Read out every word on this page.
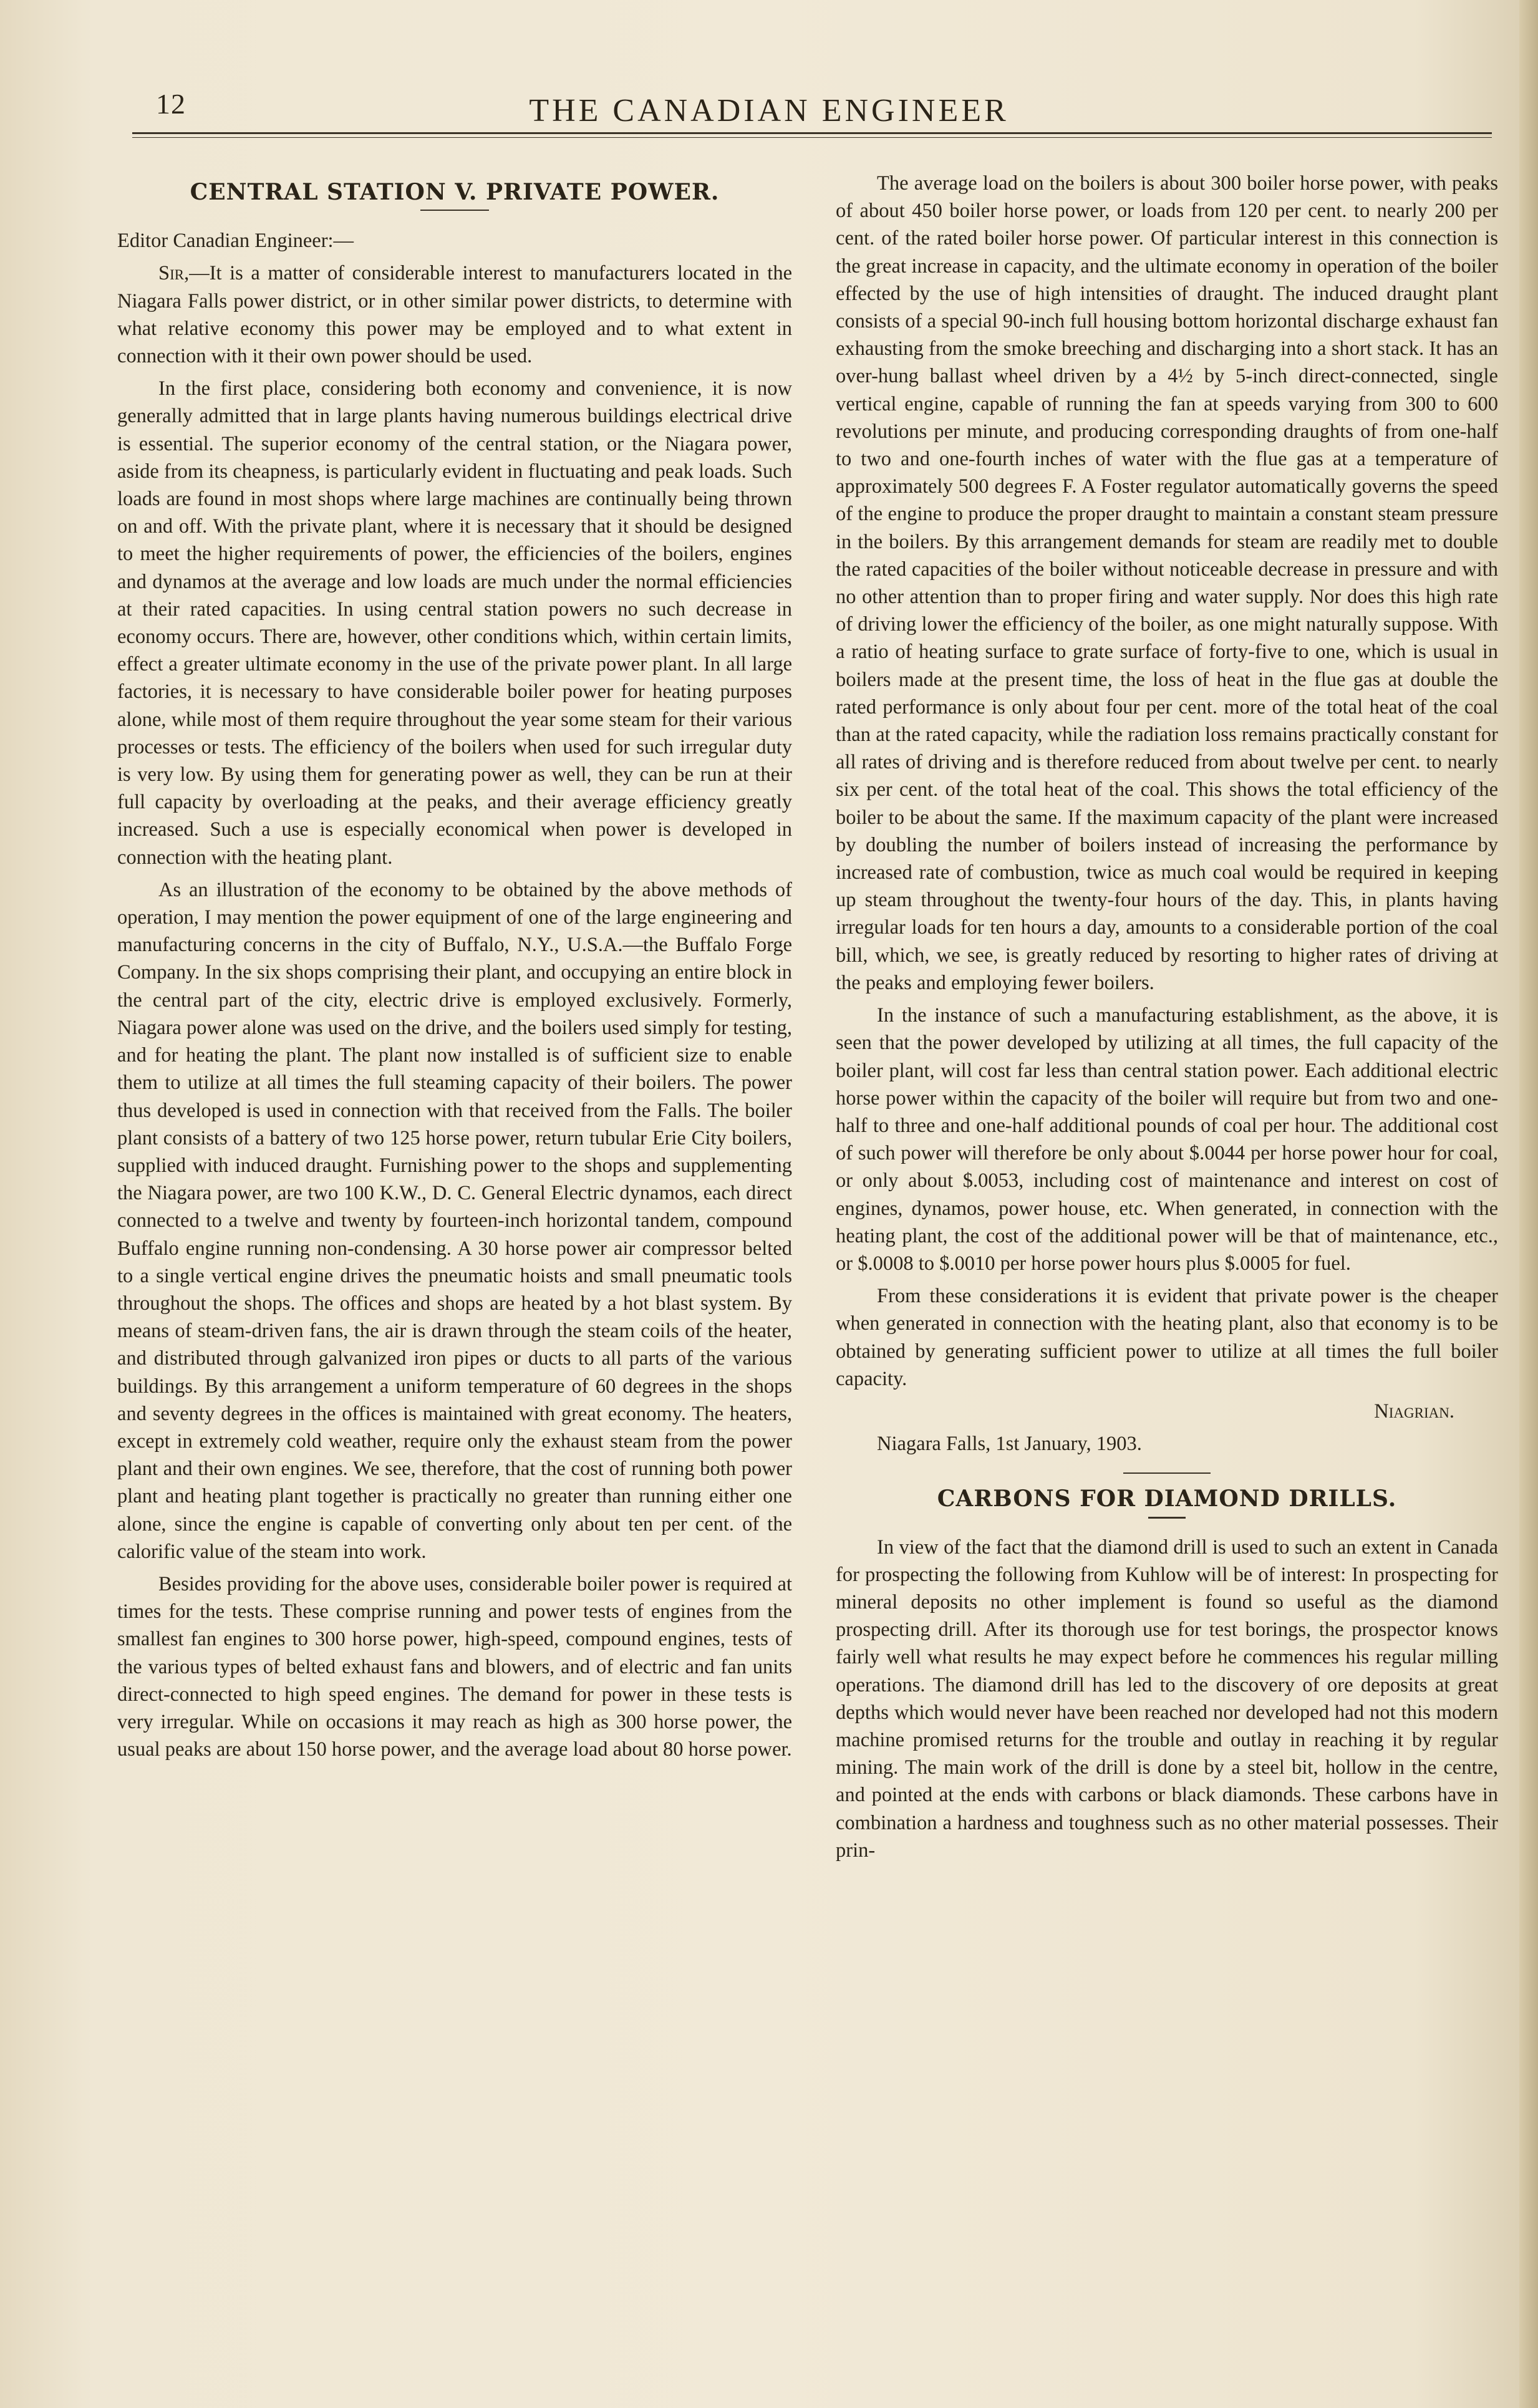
12	THE CANADIAN ENGINEER
CENTRAL STATION V. PRIVATE POWER.

Editor Canadian Engineer:—

Sir,—It is a matter of considerable interest to manufacturers located in the Niagara Falls power district, or in other similar power districts, to determine with what relative economy this power may be employed and to what extent in connection with it their own power should be used.

In the first place, considering both economy and convenience, it is now generally admitted that in large plants having numerous buildings electrical drive is essential. The superior economy of the central station, or the Niagara power, aside from its cheapness, is particularly evident in fluctuating and peak loads. Such loads are found in most shops where large machines are continually being thrown on and off. With the private plant, where it is necessary that it should be designed to meet the higher requirements of power, the efficiencies of the boilers, engines and dynamos at the average and low loads are much under the normal efficiencies at their rated capacities. In using central station powers no such decrease in economy occurs. There are, however, other conditions which, within certain limits, effect a greater ultimate economy in the use of the private power plant. In all large factories, it is necessary to have considerable boiler power for heating purposes alone, while most of them require throughout the year some steam for their various processes or tests. The efficiency of the boilers when used for such irregular duty is very low. By using them for generating power as well, they can be run at their full capacity by overloading at the peaks, and their average efficiency greatly increased. Such a use is especially economical when power is developed in connection with the heating plant.

As an illustration of the economy to be obtained by the above methods of operation, I may mention the power equipment of one of the large engineering and manufacturing concerns in the city of Buffalo, N.Y., U.S.A.—the Buffalo Forge Company. In the six shops comprising their plant, and occupying an entire block in the central part of the city, electric drive is employed exclusively. Formerly, Niagara power alone was used on the drive, and the boilers used simply for testing, and for heating the plant. The plant now installed is of sufficient size to enable them to utilize at all times the full steaming capacity of their boilers. The power thus developed is used in connection with that received from the Falls. The boiler plant consists of a battery of two 125 horse power, return tubular Erie City boilers, supplied with induced draught. Furnishing power to the shops and supplementing the Niagara power, are two 100 K.W., D. C. General Electric dynamos, each direct connected to a twelve and twenty by fourteen-inch horizontal tandem, compound Buffalo engine running non-condensing. A 30 horse power air compressor belted to a single vertical engine drives the pneumatic hoists and small pneumatic tools throughout the shops. The offices and shops are heated by a hot blast system. By means of steam-driven fans, the air is drawn through the steam coils of the heater, and distributed through galvanized iron pipes or ducts to all parts of the various buildings. By this arrangement a uniform temperature of 60 degrees in the shops and seventy degrees in the offices is maintained with great economy. The heaters, except in extremely cold weather, require only the exhaust steam from the power plant and their own engines. We see, therefore, that the cost of running both power plant and heating plant together is practically no greater than running either one alone, since the engine is capable of converting only about ten per cent. of the calorific value of the steam into work.

Besides providing for the above uses, considerable boiler power is required at times for the tests. These comprise running and power tests of engines from the smallest fan engines to 300 horse power, high-speed, compound engines, tests of the various types of belted exhaust fans and blowers, and of electric and fan units direct-connected to high speed engines. The demand for power in these tests is very irregular. While on occasions it may reach as high as 300 horse power, the usual peaks are about 150 horse power, and the average load about 80 horse power.

The average load on the boilers is about 300 boiler horse power, with peaks of about 450 boiler horse power, or loads from 120 per cent. to nearly 200 per cent. of the rated boiler horse power. Of particular interest in this connection is the great increase in capacity, and the ultimate economy in operation of the boiler effected by the use of high intensities of draught. The induced draught plant consists of a special 90-inch full housing bottom horizontal discharge exhaust fan exhausting from the smoke breeching and discharging into a short stack. It has an over-hung ballast wheel driven by a 4½ by 5-inch direct-connected, single vertical engine, capable of running the fan at speeds varying from 300 to 600 revolutions per minute, and producing corresponding draughts of from one-half to two and one-fourth inches of water with the flue gas at a temperature of approximately 500 degrees F. A Foster regulator automatically governs the speed of the engine to produce the proper draught to maintain a constant steam pressure in the boilers. By this arrangement demands for steam are readily met to double the rated capacities of the boiler without noticeable decrease in pressure and with no other attention than to proper firing and water supply. Nor does this high rate of driving lower the efficiency of the boiler, as one might naturally suppose. With a ratio of heating surface to grate surface of forty-five to one, which is usual in boilers made at the present time, the loss of heat in the flue gas at double the rated performance is only about four per cent. more of the total heat of the coal than at the rated capacity, while the radiation loss remains practically constant for all rates of driving and is therefore reduced from about twelve per cent. to nearly six per cent. of the total heat of the coal. This shows the total efficiency of the boiler to be about the same. If the maximum capacity of the plant were increased by doubling the number of boilers instead of increasing the performance by increased rate of combustion, twice as much coal would be required in keeping up steam throughout the twenty-four hours of the day. This, in plants having irregular loads for ten hours a day, amounts to a considerable portion of the coal bill, which, we see, is greatly reduced by resorting to higher rates of driving at the peaks and employing fewer boilers.

In the instance of such a manufacturing establishment, as the above, it is seen that the power developed by utilizing at all times, the full capacity of the boiler plant, will cost far less than central station power. Each additional electric horse power within the capacity of the boiler will require but from two and one-half to three and one-half additional pounds of coal per hour. The additional cost of such power will therefore be only about $.0044 per horse power hour for coal, or only about $.0053, including cost of maintenance and interest on cost of engines, dynamos, power house, etc. When generated, in connection with the heating plant, the cost of the additional power will be that of maintenance, etc., or $.0008 to $.0010 per horse power hours plus $.0005 for fuel.

From these considerations it is evident that private power is the cheaper when generated in connection with the heating plant, also that economy is to be obtained by generating sufficient power to utilize at all times the full boiler capacity.

Niagrian.

Niagara Falls, 1st January, 1903.

CARBONS FOR DIAMOND DRILLS.

In view of the fact that the diamond drill is used to such an extent in Canada for prospecting the following from Kuhlow will be of interest: In prospecting for mineral deposits no other implement is found so useful as the diamond prospecting drill. After its thorough use for test borings, the prospector knows fairly well what results he may expect before he commences his regular milling operations. The diamond drill has led to the discovery of ore deposits at great depths which would never have been reached nor developed had not this modern machine promised returns for the trouble and outlay in reaching it by regular mining. The main work of the drill is done by a steel bit, hollow in the centre, and pointed at the ends with carbons or black diamonds. These carbons have in combination a hardness and toughness such as no other material possesses. Their prin-
